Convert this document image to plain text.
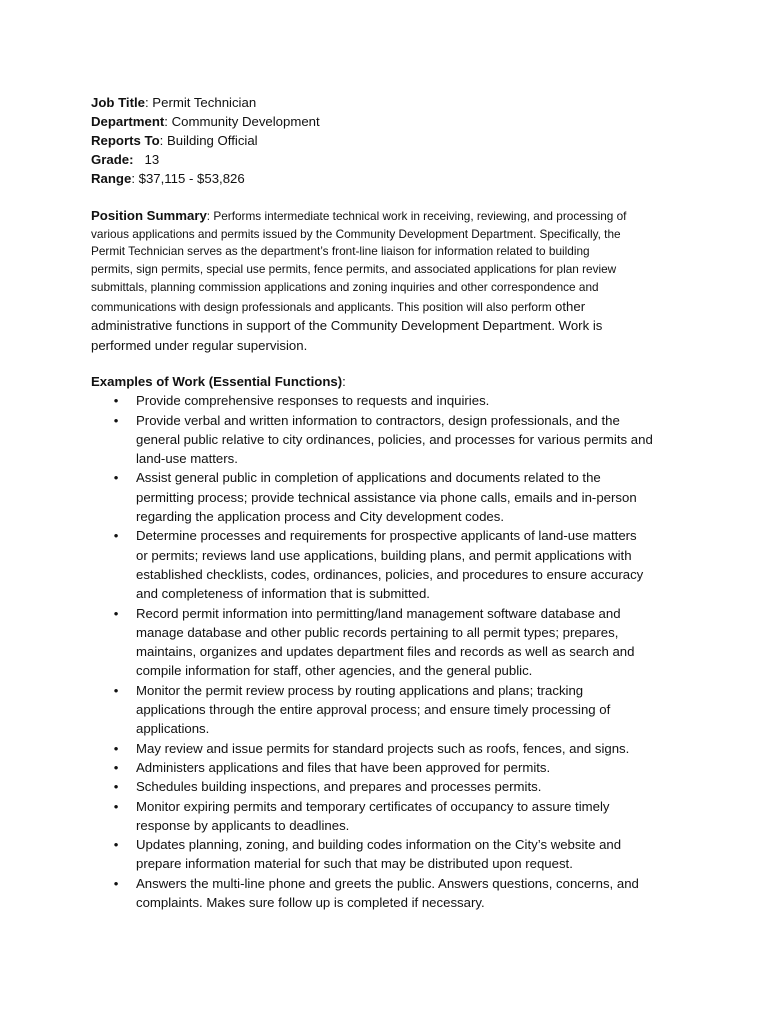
Job Title: Permit Technician
Department: Community Development
Reports To: Building Official
Grade: 13
Range: $37,115 - $53,826
Position Summary: Performs intermediate technical work in receiving, reviewing, and processing of
various applications and permits issued by the Community Development Department. Specifically, the
Permit Technician serves as the department’s front-line liaison for information related to building
permits, sign permits, special use permits, fence permits, and associated applications for plan review
submittals, planning commission applications and zoning inquiries and other correspondence and
communications with design professionals and applicants. This position will also perform other
administrative functions in support of the Community Development Department. Work is
performed under regular supervision.
Examples of Work (Essential Functions):
• Provide comprehensive responses to requests and inquiries.
• Provide verbal and written information to contractors, design professionals, and the
general public relative to city ordinances, policies, and processes for various permits and
land-use matters.
• Assist general public in completion of applications and documents related to the
permitting process; provide technical assistance via phone calls, emails and in-person
regarding the application process and City development codes.
• Determine processes and requirements for prospective applicants of land-use matters
or permits; reviews land use applications, building plans, and permit applications with
established checklists, codes, ordinances, policies, and procedures to ensure accuracy
and completeness of information that is submitted.
• Record permit information into permitting/land management software database and
manage database and other public records pertaining to all permit types; prepares,
maintains, organizes and updates department files and records as well as search and
compile information for staff, other agencies, and the general public.
• Monitor the permit review process by routing applications and plans; tracking
applications through the entire approval process; and ensure timely processing of
applications.
• May review and issue permits for standard projects such as roofs, fences, and signs.
• Administers applications and files that have been approved for permits.
• Schedules building inspections, and prepares and processes permits.
• Monitor expiring permits and temporary certificates of occupancy to assure timely
response by applicants to deadlines.
• Updates planning, zoning, and building codes information on the City’s website and
prepare information material for such that may be distributed upon request.
• Answers the multi-line phone and greets the public. Answers questions, concerns, and
complaints. Makes sure follow up is completed if necessary.
